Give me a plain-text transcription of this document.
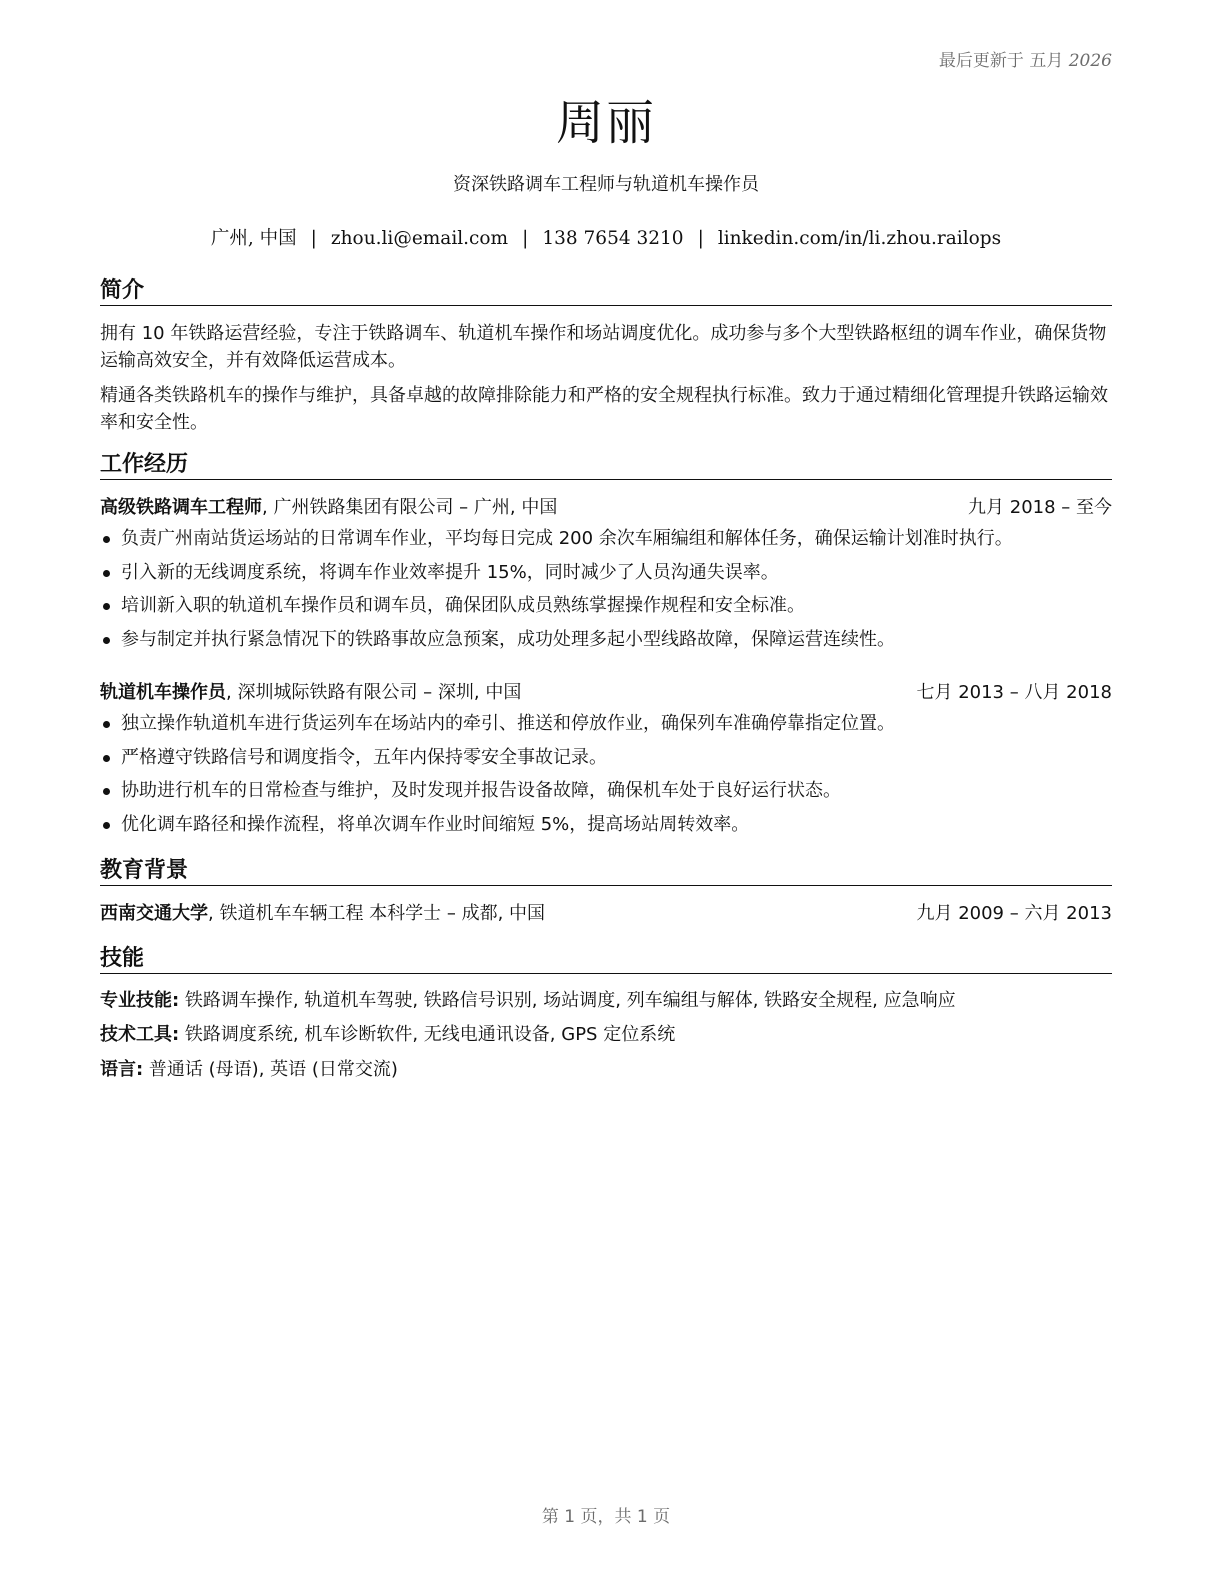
最后更新于 五月 2026
周丽
资深铁路调车工程师与轨道机车操作员
广州, 中国 | zhou.li@email.com | 138 7654 3210 | linkedin.com/in/li.zhou.railops
简介
拥有 10 年铁路运营经验，专注于铁路调车、轨道机车操作和场站调度优化。成功参与多个大型铁路枢纽的调车作业，确保货物运输高效安全，并有效降低运营成本。
精通各类铁路机车的操作与维护，具备卓越的故障排除能力和严格的安全规程执行标准。致力于通过精细化管理提升铁路运输效率和安全性。
工作经历
高级铁路调车工程师, 广州铁路集团有限公司 – 广州, 中国	九月 2018 – 至今
负责广州南站货运场站的日常调车作业，平均每日完成 200 余次车厢编组和解体任务，确保运输计划准时执行。
引入新的无线调度系统，将调车作业效率提升 15%，同时减少了人员沟通失误率。
培训新入职的轨道机车操作员和调车员，确保团队成员熟练掌握操作规程和安全标准。
参与制定并执行紧急情况下的铁路事故应急预案，成功处理多起小型线路故障，保障运营连续性。
轨道机车操作员, 深圳城际铁路有限公司 – 深圳, 中国	七月 2013 – 八月 2018
独立操作轨道机车进行货运列车在场站内的牵引、推送和停放作业，确保列车准确停靠指定位置。
严格遵守铁路信号和调度指令，五年内保持零安全事故记录。
协助进行机车的日常检查与维护，及时发现并报告设备故障，确保机车处于良好运行状态。
优化调车路径和操作流程，将单次调车作业时间缩短 5%，提高场站周转效率。
教育背景
西南交通大学, 铁道机车车辆工程 本科学士 – 成都, 中国	九月 2009 – 六月 2013
技能
专业技能: 铁路调车操作, 轨道机车驾驶, 铁路信号识别, 场站调度, 列车编组与解体, 铁路安全规程, 应急响应
技术工具: 铁路调度系统, 机车诊断软件, 无线电通讯设备, GPS 定位系统
语言: 普通话 (母语), 英语 (日常交流)
第 1 页，共 1 页
